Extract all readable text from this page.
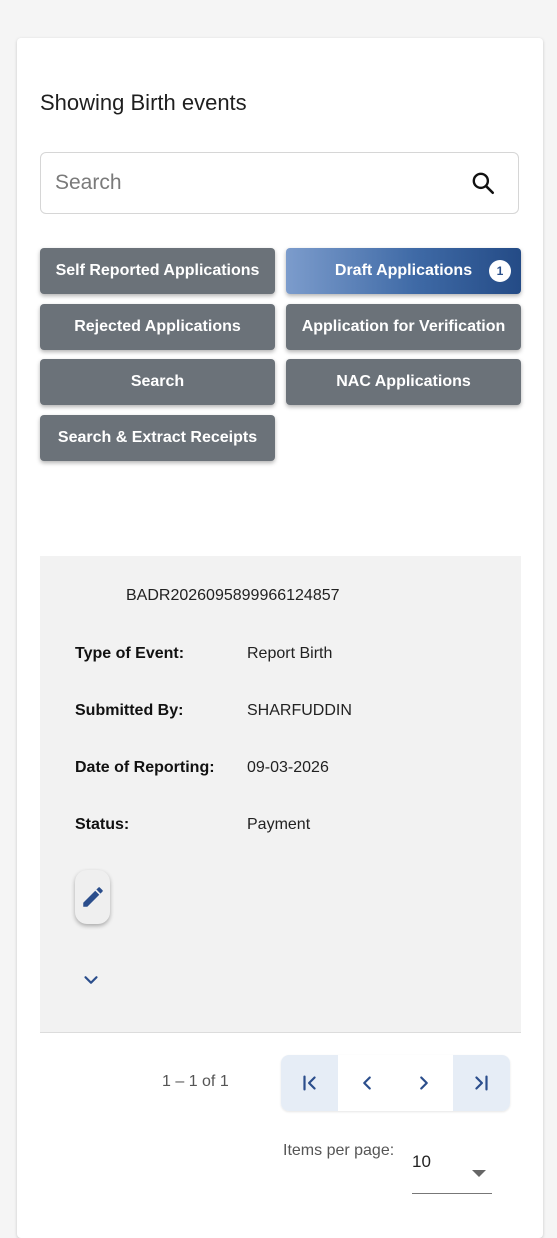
Showing Birth events
Search
Self Reported Applications	Draft Applications	1
Rejected Applications	Application for Verification
Search	NAC Applications
Search & Extract Receipts
BADR2026095899966124857
Type of Event:	Report Birth
Submitted By:	SHARFUDDIN
Date of Reporting: 09-03-2026
Status:	Payment
1 – 1 of 1
Items per page:
10
